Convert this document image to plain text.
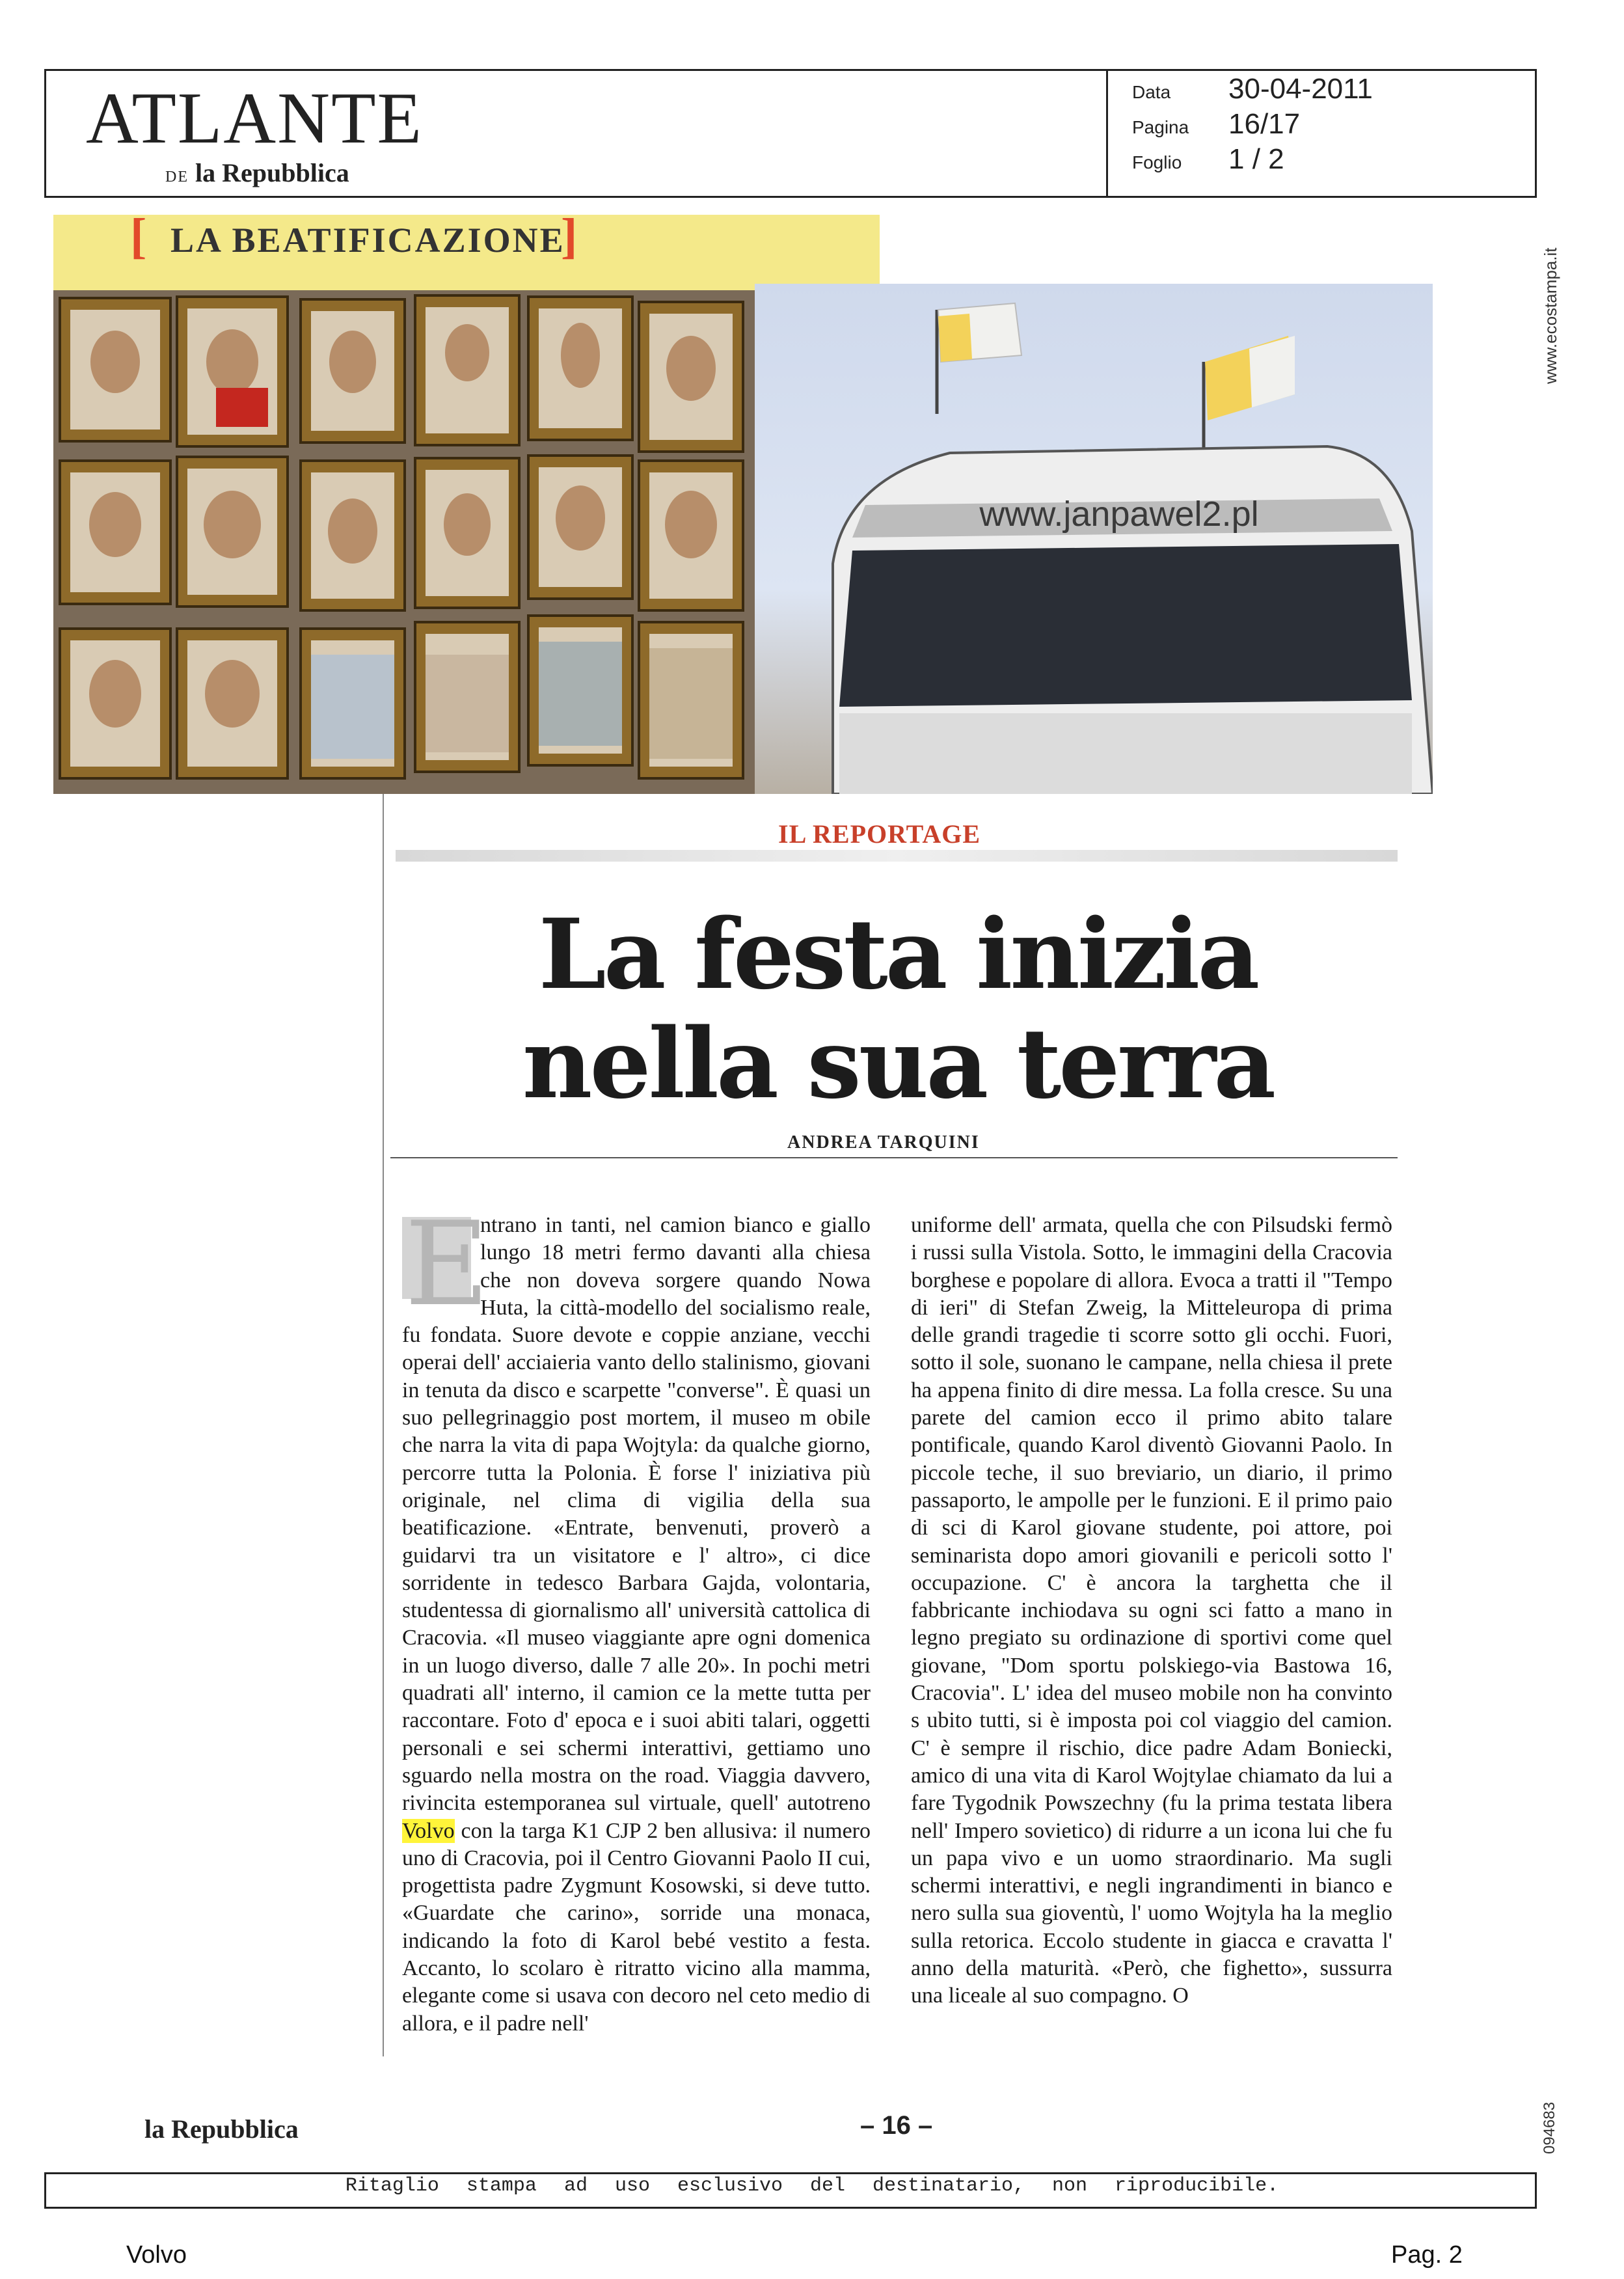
ATLANTE
DE la Repubblica
Data 30-04-2011
Pagina 16/17
Foglio 1 / 2
www.ecostampa.it
094683
[ LA BEATIFICAZIONE
]
www.janpawel2.pl
IL REPORTAGE
La festa inizia
nella sua terra
ANDREA TARQUINI
E
ntrano in tanti, nel camion bianco e giallo lungo 18 metri fermo davanti alla chiesa che non doveva sorgere quando Nowa Huta, la città-modello del socialismo reale, fu fondata. Suore devote e coppie anziane, vecchi operai dell' acciaieria vanto dello stalinismo, giovani in tenuta da disco e scarpette "converse". È quasi un suo pellegrinaggio post mortem, il museo m obile che narra la vita di papa Wojtyla: da qualche giorno, percorre tutta la Polonia. È forse l' iniziativa più originale, nel clima di vigilia della sua beatificazione. «Entrate, benvenuti, proverò a guidarvi tra un visitatore e l' altro», ci dice sorridente in tedesco Barbara Gajda, volontaria, studentessa di giornalismo all' università cattolica di Cracovia. «Il museo viaggiante apre ogni domenica in un luogo diverso, dalle 7 alle 20». In pochi metri quadrati all' interno, il camion ce la mette tutta per raccontare. Foto d' epoca e i suoi abiti talari, oggetti personali e sei schermi interattivi, gettiamo uno sguardo nella mostra on the road. Viaggia davvero, rivincita estemporanea sul virtuale, quell' autotreno Volvo con la targa K1 CJP 2 ben allusiva: il numero uno di Cracovia, poi il Centro Giovanni Paolo II cui, progettista padre Zygmunt Kosowski, si deve tutto. «Guardate che carino», sorride una monaca, indicando la foto di Karol bebé vestito a festa. Accanto, lo scolaro è ritratto vicino alla mamma, elegante come si usava con decoro nel ceto medio di allora, e il padre nell'
uniforme dell' armata, quella che con Pilsudski fermò i russi sulla Vistola. Sotto, le immagini della Cracovia borghese e popolare di allora. Evoca a tratti il "Tempo di ieri" di Stefan Zweig, la Mitteleuropa di prima delle grandi tragedie ti scorre sotto gli occhi. Fuori, sotto il sole, suonano le campane, nella chiesa il prete ha appena finito di dire messa. La folla cresce. Su una parete del camion ecco il primo abito talare pontificale, quando Karol diventò Giovanni Paolo. In piccole teche, il suo breviario, un diario, il primo passaporto, le ampolle per le funzioni. E il primo paio di sci di Karol giovane studente, poi attore, poi seminarista dopo amori giovanili e pericoli sotto l' occupazione. C' è ancora la targhetta che il fabbricante inchiodava su ogni sci fatto a mano in legno pregiato su ordinazione di sportivi come quel giovane, "Dom sportu polskiego-via Bastowa 16, Cracovia". L' idea del museo mobile non ha convinto s ubito tutti, si è imposta poi col viaggio del camion. C' è sempre il rischio, dice padre Adam Boniecki, amico di una vita di Karol Wojtylae chiamato da lui a fare Tygodnik Powszechny (fu la prima testata libera nell' Impero sovietico) di ridurre a un icona lui che fu un papa vivo e un uomo straordinario. Ma sugli schermi interattivi, e negli ingrandimenti in bianco e nero sulla sua gioventù, l' uomo Wojtyla ha la meglio sulla retorica. Eccolo studente in giacca e cravatta l' anno della maturità. «Però, che fighetto», sussurra una liceale al suo compagno. O
la Repubblica	– 16 –
Ritaglio stampa ad uso esclusivo del destinatario, non riproducibile.
Volvo	Pag. 2
